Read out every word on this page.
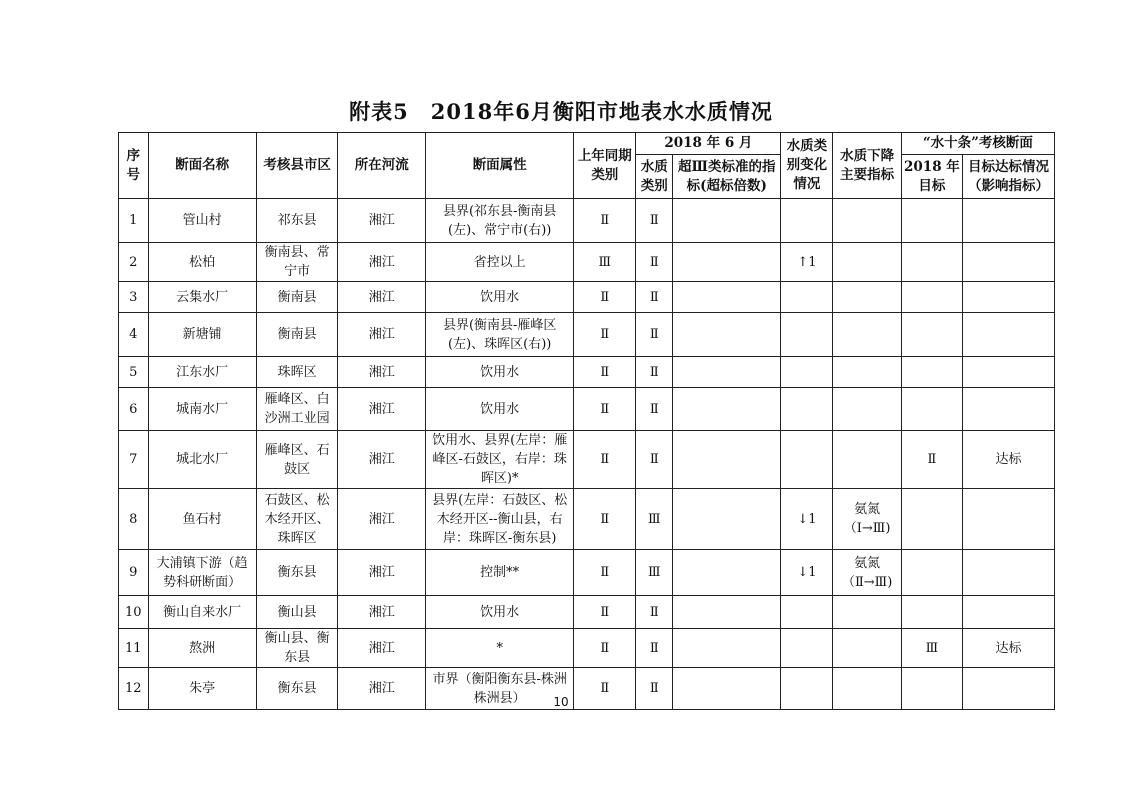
附表5　2018年6月衡阳市地表水水质情况
序号	断面名称	考核县市区	所在河流	断面属性	上年同期类别	2018 年 6 月		水质类别变化情况	水质下降主要指标	“水十条”考核断面	
						水质类别	超Ⅲ类标准的指标(超标倍数)			2018 年目标	目标达标情况（影响指标）
1	管山村	祁东县	湘江	县界(祁东县-衡南县(左)、常宁市(右))	Ⅱ	Ⅱ					
2	松柏	衡南县、常宁市	湘江	省控以上	Ⅲ	Ⅱ		↑1			
3	云集水厂	衡南县	湘江	饮用水	Ⅱ	Ⅱ					
4	新塘铺	衡南县	湘江	县界(衡南县-雁峰区(左)、珠晖区(右))	Ⅱ	Ⅱ					
5	江东水厂	珠晖区	湘江	饮用水	Ⅱ	Ⅱ					
6	城南水厂	雁峰区、白沙洲工业园	湘江	饮用水	Ⅱ	Ⅱ					
7	城北水厂	雁峰区、石鼓区	湘江	饮用水、县界(左岸：雁峰区-石鼓区，右岸：珠晖区)*	Ⅱ	Ⅱ				Ⅱ	达标
8	鱼石村	石鼓区、松木经开区、珠晖区	湘江	县界(左岸：石鼓区、松木经开区--衡山县，右岸：珠晖区-衡东县)	Ⅱ	Ⅲ		↓1	氨氮（Ⅰ→Ⅲ)		
9	大浦镇下游（趋势科研断面）	衡东县	湘江	控制**	Ⅱ	Ⅲ		↓1	氨氮（Ⅱ→Ⅲ)		
10	衡山自来水厂	衡山县	湘江	饮用水	Ⅱ	Ⅱ					
11	熬洲	衡山县、衡东县	湘江	*	Ⅱ	Ⅱ				Ⅲ	达标
12	朱亭	衡东县	湘江	市界（衡阳衡东县-株洲株洲县）	Ⅱ	Ⅱ					
10
